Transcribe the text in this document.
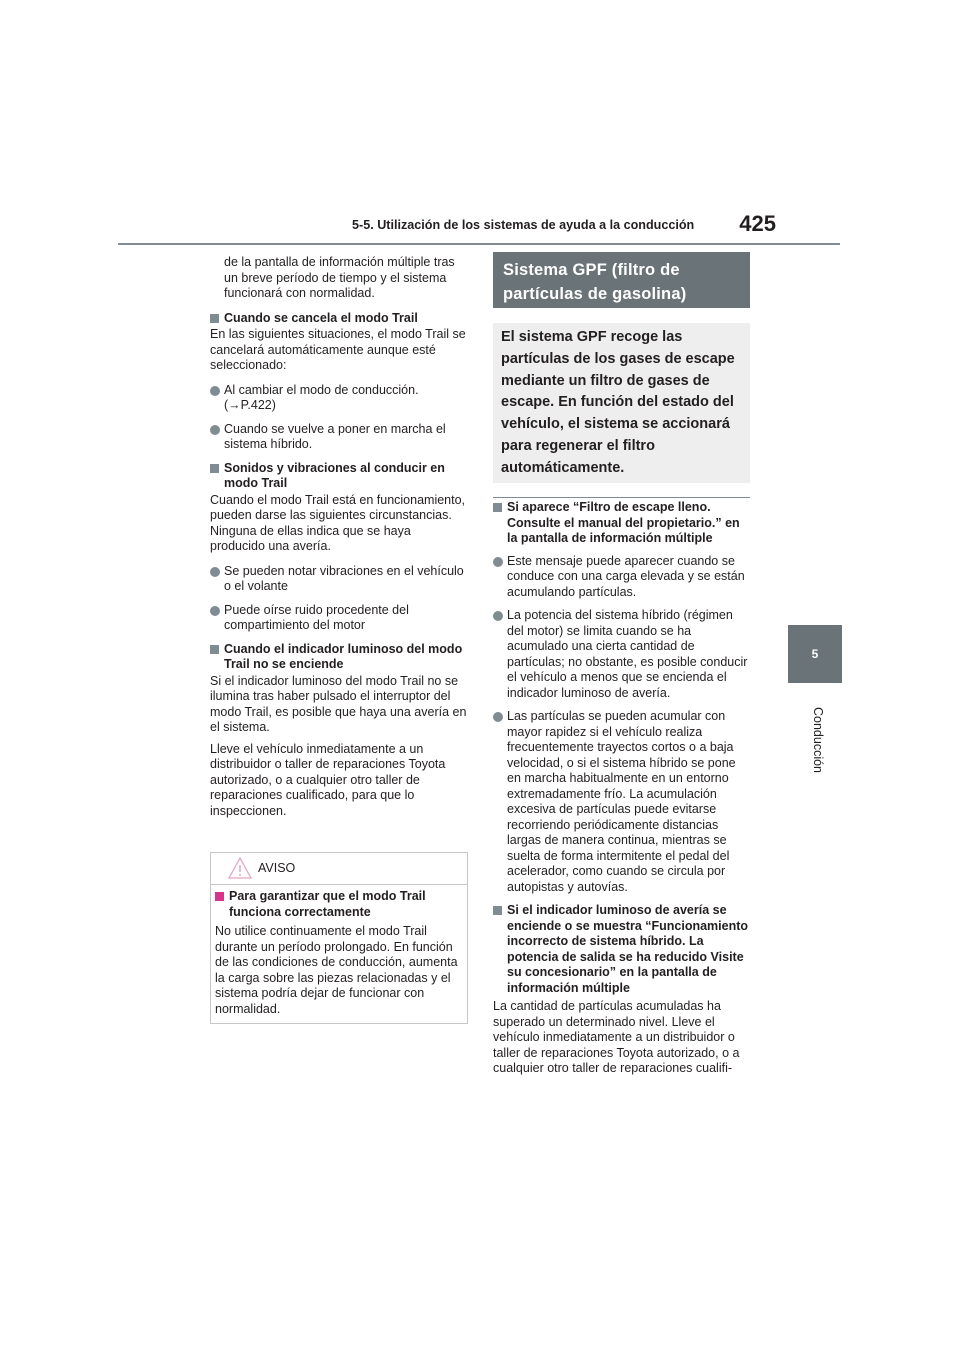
5-5. Utilización de los sistemas de ayuda a la conducción	425
5
Conducción

de la pantalla de información múltiple tras un breve período de tiempo y el sistema funcionará con normalidad.

Cuando se cancela el modo Trail

En las siguientes situaciones, el modo Trail se cancelará automáticamente aunque esté seleccionado:

Al cambiar el modo de conducción.
(→P.422)
Cuando se vuelve a poner en marcha el sistema híbrido.
Sonidos y vibraciones al conducir en modo Trail

Cuando el modo Trail está en funcionamiento, pueden darse las siguientes circunstancias. Ninguna de ellas indica que se haya producido una avería.

Se pueden notar vibraciones en el vehículo o el volante
Puede oírse ruido procedente del compartimiento del motor
Cuando el indicador luminoso del modo Trail no se enciende

Si el indicador luminoso del modo Trail no se ilumina tras haber pulsado el interruptor del modo Trail, es posible que haya una avería en el sistema.

Lleve el vehículo inmediatamente a un distribuidor o taller de reparaciones Toyota autorizado, o a cualquier otro taller de reparaciones cualificado, para que lo inspeccionen.

AVISO
Para garantizar que el modo Trail funciona correctamente

No utilice continuamente el modo Trail durante un período prolongado. En función de las condiciones de conducción, aumenta la carga sobre las piezas relacionadas y el sistema podría dejar de funcionar con normalidad.

Sistema GPF (filtro de partículas de gasolina)
El sistema GPF recoge las partículas de los gases de escape mediante un filtro de gases de escape. En función del estado del vehículo, el sistema se accionará para regenerar el filtro automáticamente.
Si aparece “Filtro de escape lleno. Consulte el manual del propietario.” en la pantalla de información múltiple
Este mensaje puede aparecer cuando se conduce con una carga elevada y se están acumulando partículas.
La potencia del sistema híbrido (régimen del motor) se limita cuando se ha acumulado una cierta cantidad de partículas; no obstante, es posible conducir el vehículo a menos que se encienda el indicador luminoso de avería.
Las partículas se pueden acumular con mayor rapidez si el vehículo realiza frecuentemente trayectos cortos o a baja velocidad, o si el sistema híbrido se pone en marcha habitualmente en un entorno extremadamente frío. La acumulación excesiva de partículas puede evitarse recorriendo periódicamente distancias largas de manera continua, mientras se suelta de forma intermitente el pedal del acelerador, como cuando se circula por autopistas y autovías.
Si el indicador luminoso de avería se enciende o se muestra “Funcionamiento incorrecto de sistema híbrido. La potencia de salida se ha reducido Visite su concesionario” en la pantalla de información múltiple

La cantidad de partículas acumuladas ha superado un determinado nivel. Lleve el vehículo inmediatamente a un distribuidor o taller de reparaciones Toyota autorizado, o a cualquier otro taller de reparaciones cualifi-
